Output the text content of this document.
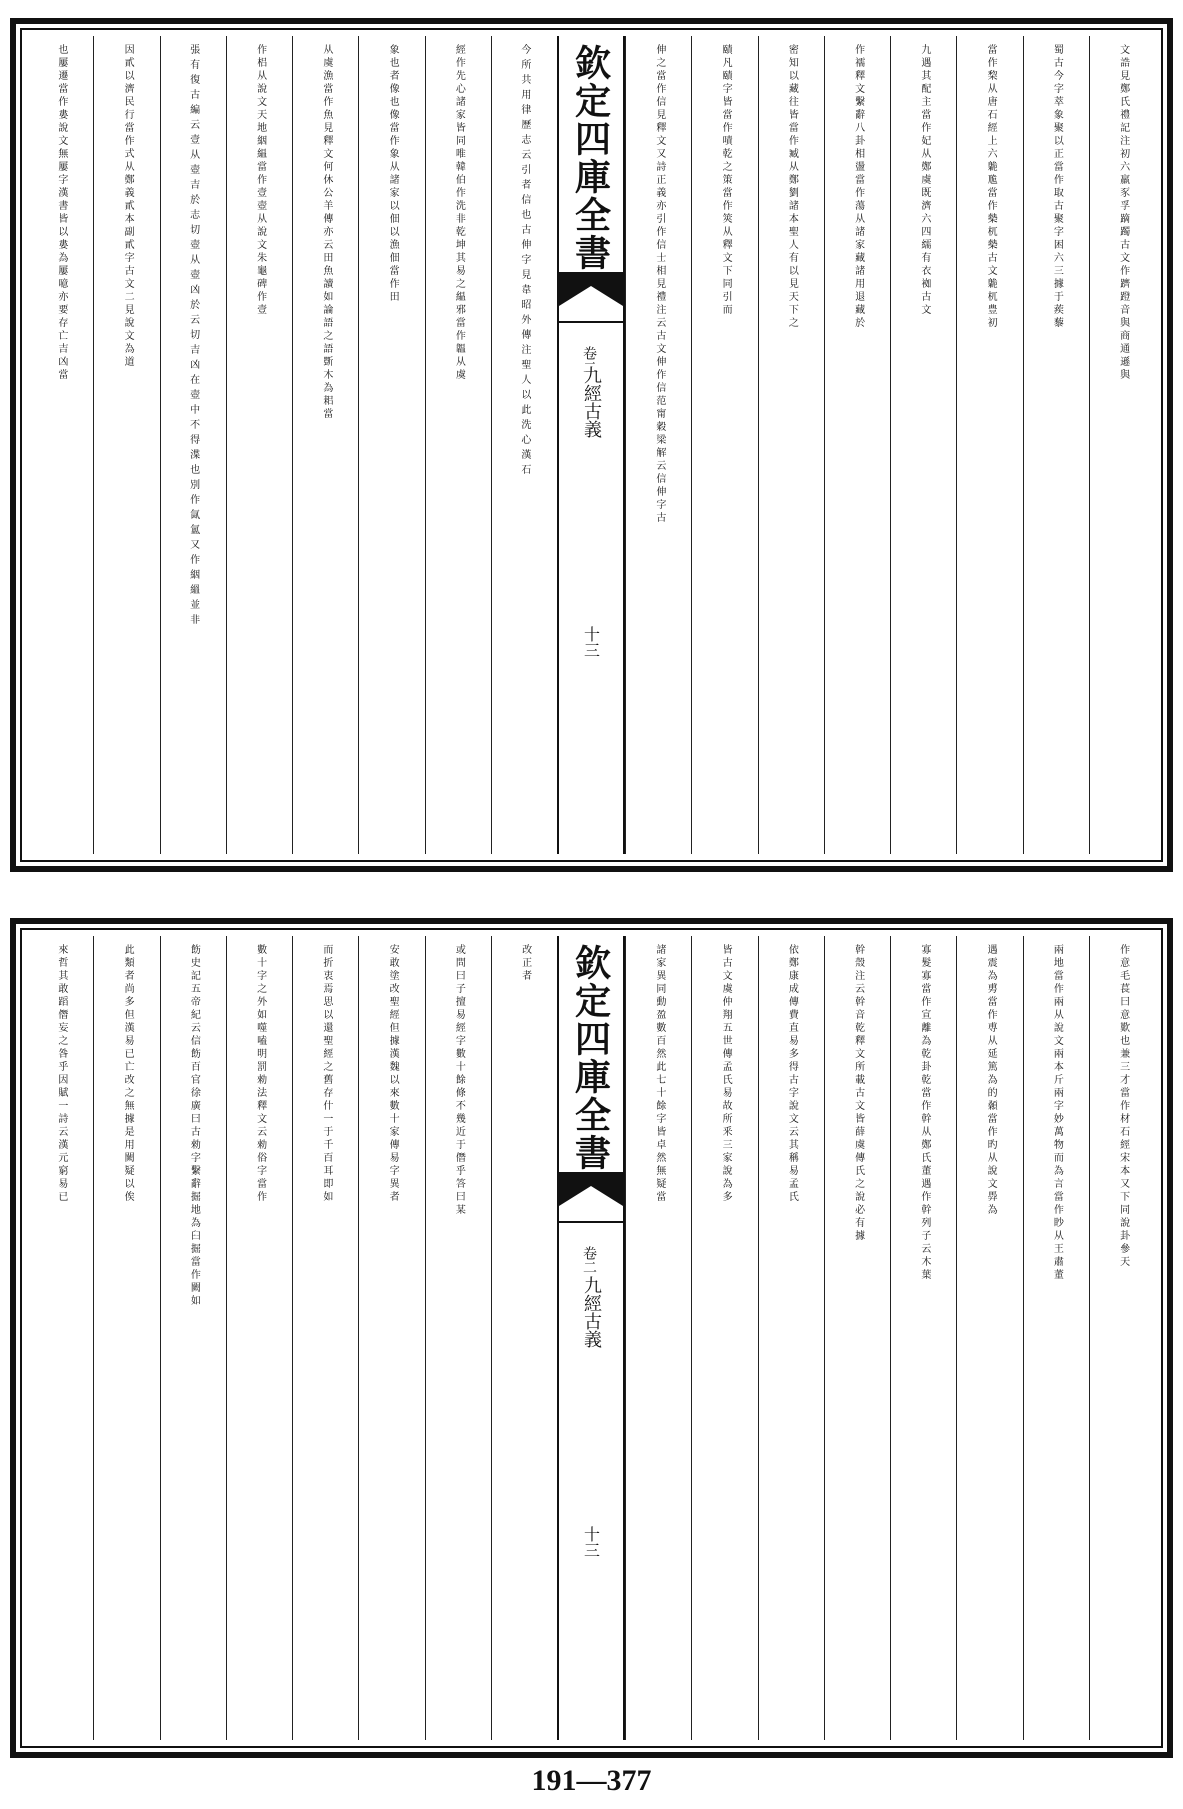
文誥見鄭氏禮記注初六羸豕孚蹢躅古文作躋蹬音與商通遜與
蜀古今字萃象聚以正當作取古聚字困六三據于蒺藜
當作棃从唐石經上六臲卼當作槷杌槷古文臲杌豊初
九遇其配主當作妃从鄭虞既濟六四繻有衣袽古文
作襦釋文繫辭八卦相盪當作蕩从諸家藏諸用退藏於
密知以藏往皆當作臧从鄭劉諸本聖人有以見天下之
賾凡賾字皆當作嘖乾之策當作筴从釋文下同引而
伸之當作信見釋文又詩正義亦引作信士相見禮注云古文伸作信范甯穀梁解云信伸字古
欽定四庫全書
九經古義
卷二
十三
今所共用律歷志云引者信也古伸字見韋昭外傳注聖人以此洗心漢石
經作先心諸家皆同唯韓伯作洗非乾坤其易之緼邪當作韞从虞
象也者像也像當作象从諸家以佃以漁佃當作田
从虞漁當作魚見釋文何休公羊傳亦云田魚讀如論語之語斲木為耜當
作梠从說文天地絪緼當作壹壺从說文朱龜碑作壹
張有復古編云壹从壺吉於志切壺从壺凶於云切吉凶在壺中不得渫也別作氤氳又作絪縕並非
因貳以濟民行當作式从鄭義貳本副貳字古文二見說文為道
也屢遷當作婁說文無屢字漢書皆以婁為屢噫亦要存亡吉凶當
作意毛萇曰意歎也兼三才當作材石經宋本又下同說卦參天
兩地當作兩从說文兩本斤兩字妙萬物而為言當作眇从王肅董
遇震為旉當作尃从延篤為的顙當作旳从說文馵為
寡髮寡當作宣離為乾卦乾當作幹从鄭氏董遇作幹列子云木葉
幹殼注云幹音乾釋文所載古文皆薛虞傳氏之說必有據
依鄭康成傳費直易多得古字說文云其稱易孟氏
皆古文虞仲翔五世傳孟氏易故所釆三家說為多
諸家異同動盈數百然此七十餘字皆卓然無疑當
欽定四庫全書
九經古義
卷二
十三
改正者
或問曰子擅易經字數十餘條不幾近于僭乎答曰某
安敢塗改聖經但據漢魏以來數十家傳易字異者
而折衷焉思以還聖經之舊存什一于千百耳即如
數十字之外如噬嗑明罰勑法釋文云勑俗字當作
飭史記五帝紀云信飭百官徐廣曰古勑字繫辭掘地為臼掘當作闕如
此類者尚多但漢易已亡改之無據是用闕疑以俟
來哲其敢蹈僭妄之咎乎因賦一詩云漢元窮易已
191—377
